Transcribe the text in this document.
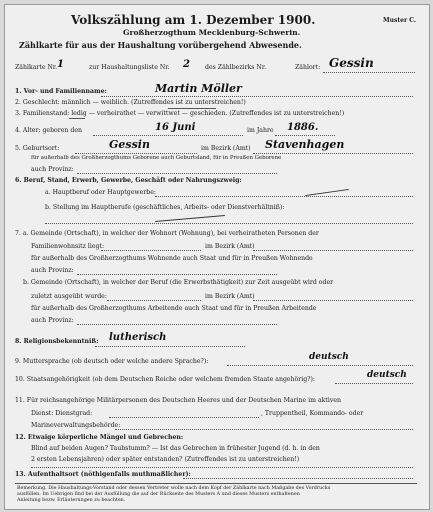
Volkszählung am 1. Dezember 1900.	Muster C.
Großherzogthum Mecklenburg-Schwerin.
Zählkarte für aus der Haushaltung vorübergehend Abwesende.
Zählkarte Nr. 1	zur Haushaltungsliste Nr. 2 des Zählbezirks Nr.	Zählort: Gessin
1. Vor- und Familienname:	Martin Möller
2. Geschlecht: männlich — weiblich. (Zutreffendes ist zu unterstreichen!)
3. Familienstand: ledig — verheirathet — verwittwet — geschieden. (Zutreffendes ist zu unterstreichen!)
4. Alter: geboren den	16 Juni	im Jahre 1886.
5. Geburtsort:	Gessin	im Bezirk (Amt) Stavenhagen
für außerhalb des Großherzogthums Geborene auch Geburtsland, für in Preußen Geborene
auch Provinz:
6. Beruf, Stand, Erwerb, Gewerbe, Geschäft oder Nahrungszweig:
a. Hauptberuf oder Hauptgewerbe:
b. Stellung im Hauptberufe (geschäftliches, Arbeits- oder Dienstverhältniß):
7. a. Gemeinde (Ortschaft), in welcher der Wohnort (Wohnung), bei verheiratheten Personen der
Familienwohnsitz liegt:	im Bezirk (Amt)
für außerhalb des Großherzogthums Wohnende auch Staat und für in Preußen Wohnende
auch Provinz:
b. Gemeinde (Ortschaft), in welcher der Beruf (die Erwerbsthätigkeit) zur Zeit ausgeübt wird oder
zuletzt ausgeübt wurde:	im Bezirk (Amt)
für außerhalb des Großherzogthums Arbeitende auch Staat und für in Preußen Arbeitende
auch Provinz:
8. Religionsbekenntniß: lutherisch
9. Muttersprache (ob deutsch oder welche andere Sprache?):	deutsch
10. Staatsangehörigkeit (ob dem Deutschen Reiche oder welchem fremden Staate angehörig?):	deutsch
11. Für reichsangehörige Militärpersonen des Deutschen Heeres und der Deutschen Marine im aktiven
Dienst: Dienstgrad:	, Truppentheil, Kommando- oder
Marineverwaltungsbehörde:
12. Etwaige körperliche Mängel und Gebrechen:
Blind auf beiden Augen? Taubstumm? — Ist das Gebrechen in frühester Jugend (d. h. in den
2 ersten Lebensjahren) oder später entstanden? (Zutreffendes ist zu unterstreichen!)
13. Aufenthaltsort (nöthigenfalls muthmaßlicher):
Bemerkung. Die Haushaltungs-Vorstand oder dessen Vertreter wolle nach dem Kopf der Zählkarte nach Maßgabe des Vordrucks
ausfüllen. Im Uebrigen find bei der Ausfüllung die auf der Rückseite des Musters A und dieses Musters enthaltenen
Anleitung bezw. Erläuterungen zu beachten.
